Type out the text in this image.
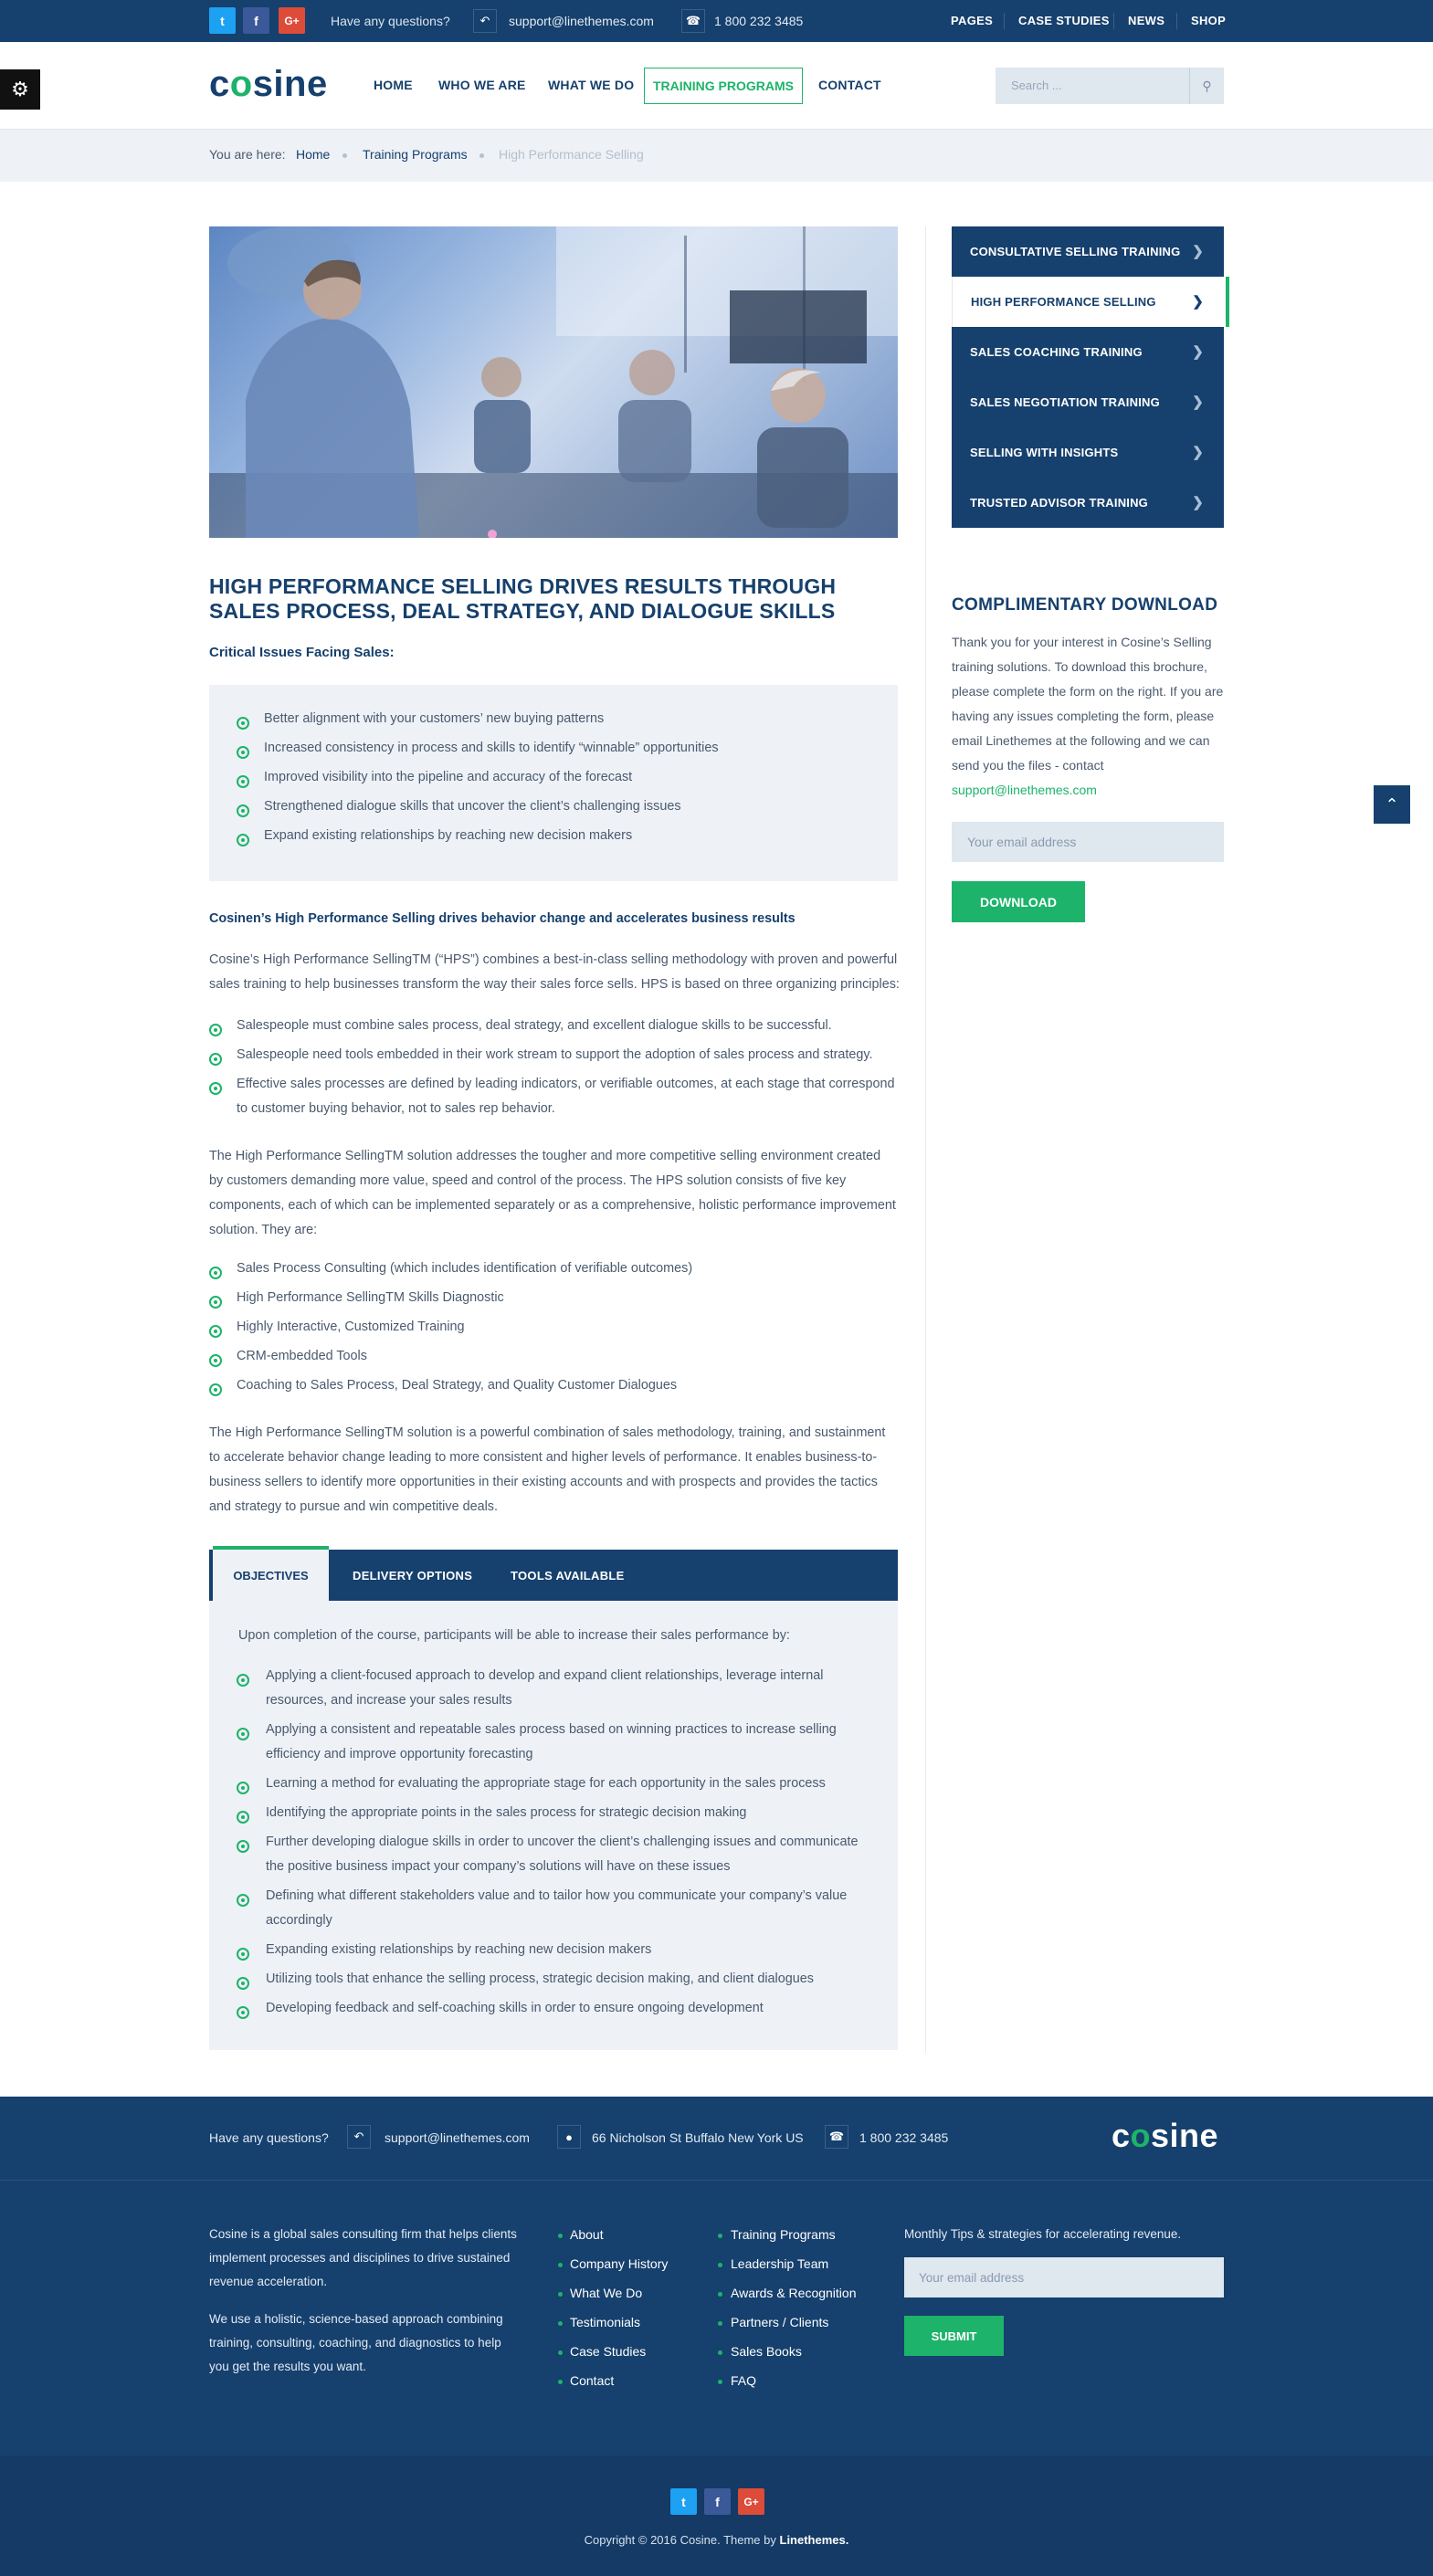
t	f	G+	Have any questions?	↶	support@linethemes.com	☎	1 800 232 3485	PAGES CASE STUDIES NEWS SHOP
⚙	cosine	HOME WHO WE ARE WHAT WE DO	TRAINING PROGRAMS	CONTACT	Search ...	⚲
You are here: Home	Training Programs High Performance Selling
HIGH PERFORMANCE SELLING DRIVES RESULTS THROUGH SALES PROCESS, DEAL STRATEGY, AND DIALOGUE SKILLS
Critical Issues Facing Sales:
Better alignment with your customers’ new buying patterns
Increased consistency in process and skills to identify “winnable” opportunities
Improved visibility into the pipeline and accuracy of the forecast
Strengthened dialogue skills that uncover the client’s challenging issues
Expand existing relationships by reaching new decision makers
Cosinen’s High Performance Selling drives behavior change and accelerates business results
Cosine’s High Performance SellingTM (“HPS”) combines a best-in-class selling methodology with proven and powerful sales training to help businesses transform the way their sales force sells. HPS is based on three organizing principles:
Salespeople must combine sales process, deal strategy, and excellent dialogue skills to be successful.
Salespeople need tools embedded in their work stream to support the adoption of sales process and strategy.
Effective sales processes are defined by leading indicators, or verifiable outcomes, at each stage that correspond to customer buying behavior, not to sales rep behavior.
The High Performance SellingTM solution addresses the tougher and more competitive selling environment created by customers demanding more value, speed and control of the process. The HPS solution consists of five key components, each of which can be implemented separately or as a comprehensive, holistic performance improvement solution. They are:
Sales Process Consulting (which includes identification of verifiable outcomes)
High Performance SellingTM Skills Diagnostic
Highly Interactive, Customized Training
CRM-embedded Tools
Coaching to Sales Process, Deal Strategy, and Quality Customer Dialogues
The High Performance SellingTM solution is a powerful combination of sales methodology, training, and sustainment to accelerate behavior change leading to more consistent and higher levels of performance. It enables business-to-business sellers to identify more opportunities in their existing accounts and with prospects and provides the tactics and strategy to pursue and win competitive deals.
OBJECTIVES	DELIVERY OPTIONS	TOOLS AVAILABLE
Upon completion of the course, participants will be able to increase their sales performance by:
Applying a client-focused approach to develop and expand client relationships, leverage internal resources, and increase your sales results
Applying a consistent and repeatable sales process based on winning practices to increase selling efficiency and improve opportunity forecasting
Learning a method for evaluating the appropriate stage for each opportunity in the sales process
Identifying the appropriate points in the sales process for strategic decision making
Further developing dialogue skills in order to uncover the client’s challenging issues and communicate the positive business impact your company’s solutions will have on these issues
Defining what different stakeholders value and to tailor how you communicate your company’s value accordingly
Expanding existing relationships by reaching new decision makers
Utilizing tools that enhance the selling process, strategic decision making, and client dialogues
Developing feedback and self-coaching skills in order to ensure ongoing development
CONSULTATIVE SELLING TRAINING ❯
HIGH PERFORMANCE SELLING	❯
SALES COACHING TRAINING	❯
SALES NEGOTIATION TRAINING ❯
SELLING WITH INSIGHTS	❯
TRUSTED ADVISOR TRAINING	❯
COMPLIMENTARY DOWNLOAD
Thank you for your interest in Cosine’s Selling training solutions. To download this brochure, please complete the form on the right. If you are having any issues completing the form, please email Linethemes at the following and we can send you the files - contact
support@linethemes.com
Your email address
DOWNLOAD
⌃
Have any questions?	↶	support@linethemes.com	●	66 Nicholson St Buffalo New York US	☎	1 800 232 3485	cosine
Cosine is a global sales consulting firm that helps clients implement processes and disciplines to drive sustained revenue acceleration.
We use a holistic, science-based approach combining training, consulting, coaching, and diagnostics to help you get the results you want.
About
Company History
What We Do
Testimonials
Case Studies
Contact
Training Programs
Leadership Team
Awards & Recognition
Partners / Clients
Sales Books
FAQ
Monthly Tips & strategies for accelerating revenue.
Your email address
SUBMIT
t	f	G+
Copyright © 2016 Cosine. Theme by Linethemes.
